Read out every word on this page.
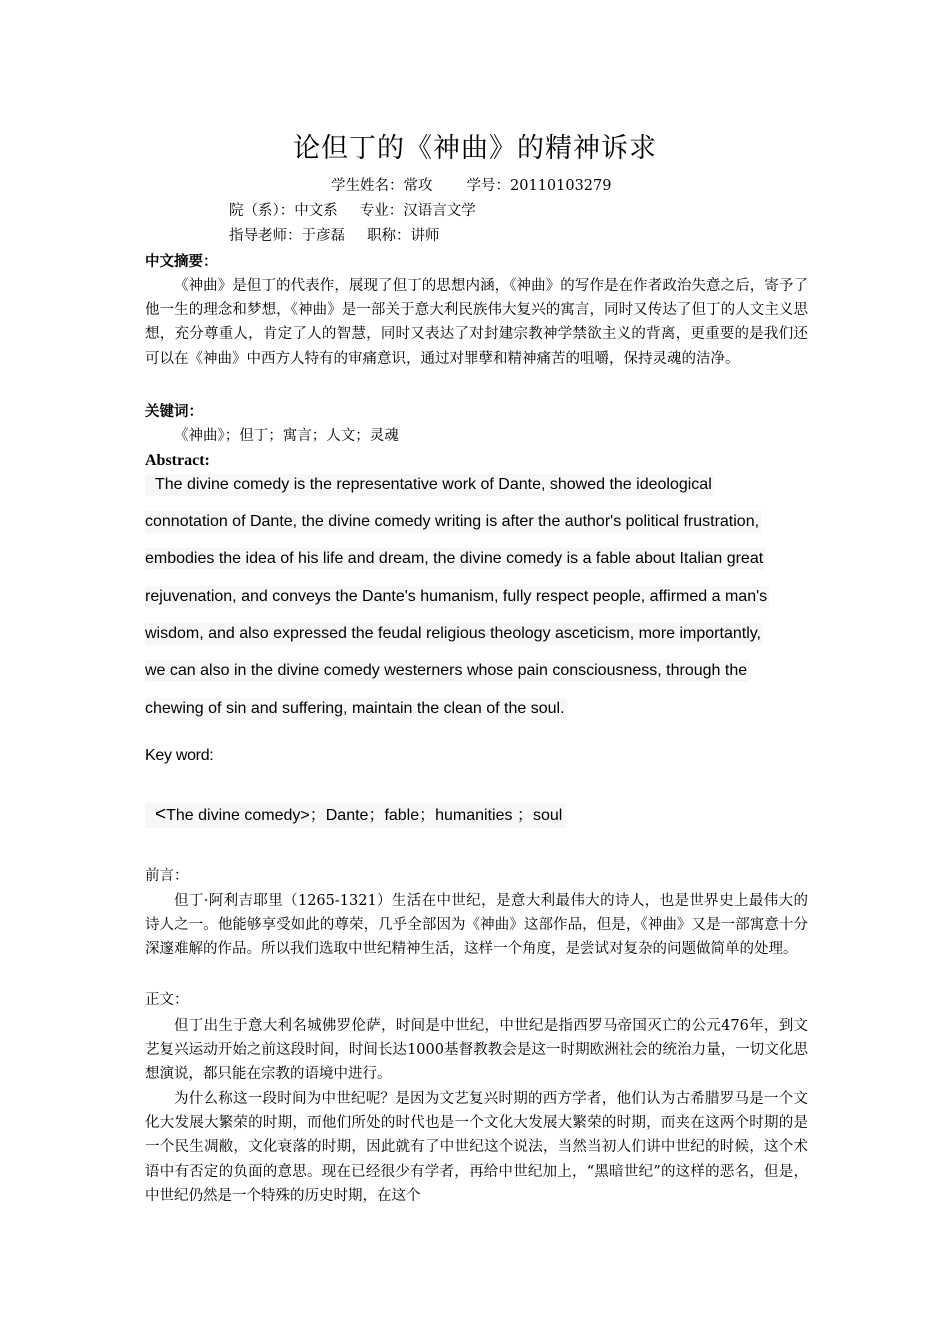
论但丁的《神曲》的精神诉求
学生姓名：常攻 学号：20110103279
院（系）：中文系 专业：汉语言文学
指导老师：于彦磊 职称：讲师
中文摘要：
《神曲》是但丁的代表作，展现了但丁的思想内涵，《神曲》的写作是在作者政治失意之后，寄予了他一生的理念和梦想，《神曲》是一部关于意大利民族伟大复兴的寓言，同时又传达了但丁的人文主义思想，充分尊重人，肯定了人的智慧，同时又表达了对封建宗教神学禁欲主义的背离，更重要的是我们还可以在《神曲》中西方人特有的审痛意识，通过对罪孽和精神痛苦的咀嚼，保持灵魂的洁净。
关键词：
《神曲》；但丁；寓言；人文；灵魂
Abstract:
The divine comedy is the representative work of Dante, showed the ideological
connotation of Dante, the divine comedy writing is after the author's political frustration,
embodies the idea of his life and dream, the divine comedy is a fable about Italian great
rejuvenation, and conveys the Dante's humanism, fully respect people, affirmed a man's
wisdom, and also expressed the feudal religious theology asceticism, more importantly,
we can also in the divine comedy westerners whose pain consciousness, through the
chewing of sin and suffering, maintain the clean of the soul.
Key word:
<The divine comedy>；Dante；fable；humanities ；soul
前言：
但丁·阿利吉耶里（1265-1321）生活在中世纪，是意大利最伟大的诗人，也是世界史上最伟大的诗人之一。他能够享受如此的尊荣，几乎全部因为《神曲》这部作品，但是，《神曲》又是一部寓意十分深邃难解的作品。所以我们选取中世纪精神生活，这样一个角度，是尝试对复杂的问题做简单的处理。
正文：
但丁出生于意大利名城佛罗伦萨，时间是中世纪，中世纪是指西罗马帝国灭亡的公元476年，到文艺复兴运动开始之前这段时间，时间长达1000基督教教会是这一时期欧洲社会的统治力量，一切文化思想演说，都只能在宗教的语境中进行。
为什么称这一段时间为中世纪呢？是因为文艺复兴时期的西方学者，他们认为古希腊罗马是一个文化大发展大繁荣的时期，而他们所处的时代也是一个文化大发展大繁荣的时期，而夹在这两个时期的是一个民生凋敝，文化衰落的时期，因此就有了中世纪这个说法，当然当初人们讲中世纪的时候，这个术语中有否定的负面的意思。现在已经很少有学者，再给中世纪加上，“黑暗世纪”的这样的恶名，但是，中世纪仍然是一个特殊的历史时期，在这个
